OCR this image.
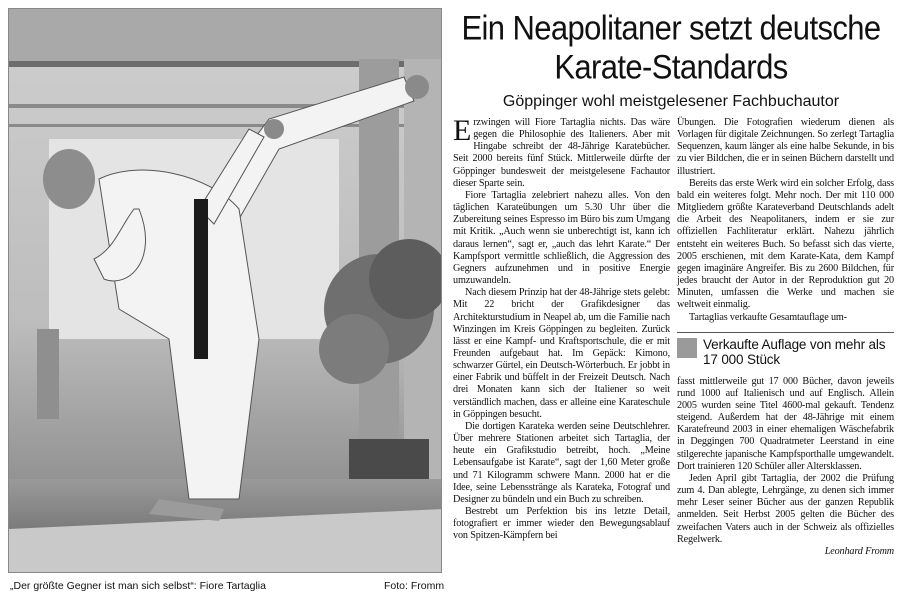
„Der größte Gegner ist man sich selbst“: Fiore Tartaglia	Foto: Fromm
Ein Neapolitaner setzt deutsche Karate-Standards
Göppinger wohl meistgelesener Fachbuchautor

Erzwingen will Fiore Tartaglia nichts. Das wäre gegen die Philosophie des Italieners. Aber mit Hingabe schreibt der 48-Jährige Karatebücher. Seit 2000 bereits fünf Stück. Mittlerweile dürfte der Göppinger bundesweit der meistgelesene Fachautor dieser Sparte sein.

Fiore Tartaglia zelebriert nahezu alles. Von den täglichen Karateübungen um 5.30 Uhr über die Zubereitung seines Espresso im Büro bis zum Umgang mit Kritik. „Auch wenn sie unberechtigt ist, kann ich daraus lernen“, sagt er, „auch das lehrt Karate.“ Der Kampfsport vermittle schließlich, die Aggression des Gegners aufzunehmen und in positive Energie umzuwandeln.

Nach diesem Prinzip hat der 48-Jährige stets gelebt: Mit 22 bricht der Grafikdesigner das Architekturstudium in Neapel ab, um die Familie nach Winzingen im Kreis Göppingen zu begleiten. Zurück lässt er eine Kampf- und Kraftsportschule, die er mit Freunden aufgebaut hat. Im Gepäck: Kimono, schwarzer Gürtel, ein Deutsch-Wörterbuch. Er jobbt in einer Fabrik und büffelt in der Freizeit Deutsch. Nach drei Monaten kann sich der Italiener so weit verständlich machen, dass er alleine eine Karateschule in Göppingen besucht.

Die dortigen Karateka werden seine Deutschlehrer. Über mehrere Stationen arbeitet sich Tartaglia, der heute ein Grafikstudio betreibt, hoch. „Meine Lebensaufgabe ist Karate“, sagt der 1,60 Meter große und 71 Kilogramm schwere Mann. 2000 hat er die Idee, seine Lebensstränge als Karateka, Fotograf und Designer zu bündeln und ein Buch zu schreiben.

Bestrebt um Perfektion bis ins letzte Detail, fotografiert er immer wieder den Bewegungsablauf von Spitzen-Kämpfern bei

Übungen. Die Fotografien wiederum dienen als Vorlagen für digitale Zeichnungen. So zerlegt Tartaglia Sequenzen, kaum länger als eine halbe Sekunde, in bis zu vier Bildchen, die er in seinen Büchern darstellt und illustriert.

Bereits das erste Werk wird ein solcher Erfolg, dass bald ein weiteres folgt. Mehr noch. Der mit 110 000 Mitgliedern größte Karateverband Deutschlands adelt die Arbeit des Neapolitaners, indem er sie zur offiziellen Fachliteratur erklärt. Nahezu jährlich entsteht ein weiteres Buch. So befasst sich das vierte, 2005 erschienen, mit dem Karate-Kata, dem Kampf gegen imaginäre Angreifer. Bis zu 2600 Bildchen, für jedes braucht der Autor in der Reproduktion gut 20 Minuten, umfassen die Werke und machen sie weltweit einmalig.

Tartaglias verkaufte Gesamtauflage um-

Verkaufte Auflage von mehr als 17 000 Stück

fasst mittlerweile gut 17 000 Bücher, davon jeweils rund 1000 auf Italienisch und auf Englisch. Allein 2005 wurden seine Titel 4600-mal gekauft. Tendenz steigend. Außerdem hat der 48-Jährige mit einem Karatefreund 2003 in einer ehemaligen Wäschefabrik in Deggingen 700 Quadratmeter Leerstand in eine stilgerechte japanische Kampfsporthalle umgewandelt. Dort trainieren 120 Schüler aller Altersklassen.

Jeden April gibt Tartaglia, der 2002 die Prüfung zum 4. Dan ablegte, Lehrgänge, zu denen sich immer mehr Leser seiner Bücher aus der ganzen Republik anmelden. Seit Herbst 2005 gelten die Bücher des zweifachen Vaters auch in der Schweiz als offizielles Regelwerk.

Leonhard Fromm
